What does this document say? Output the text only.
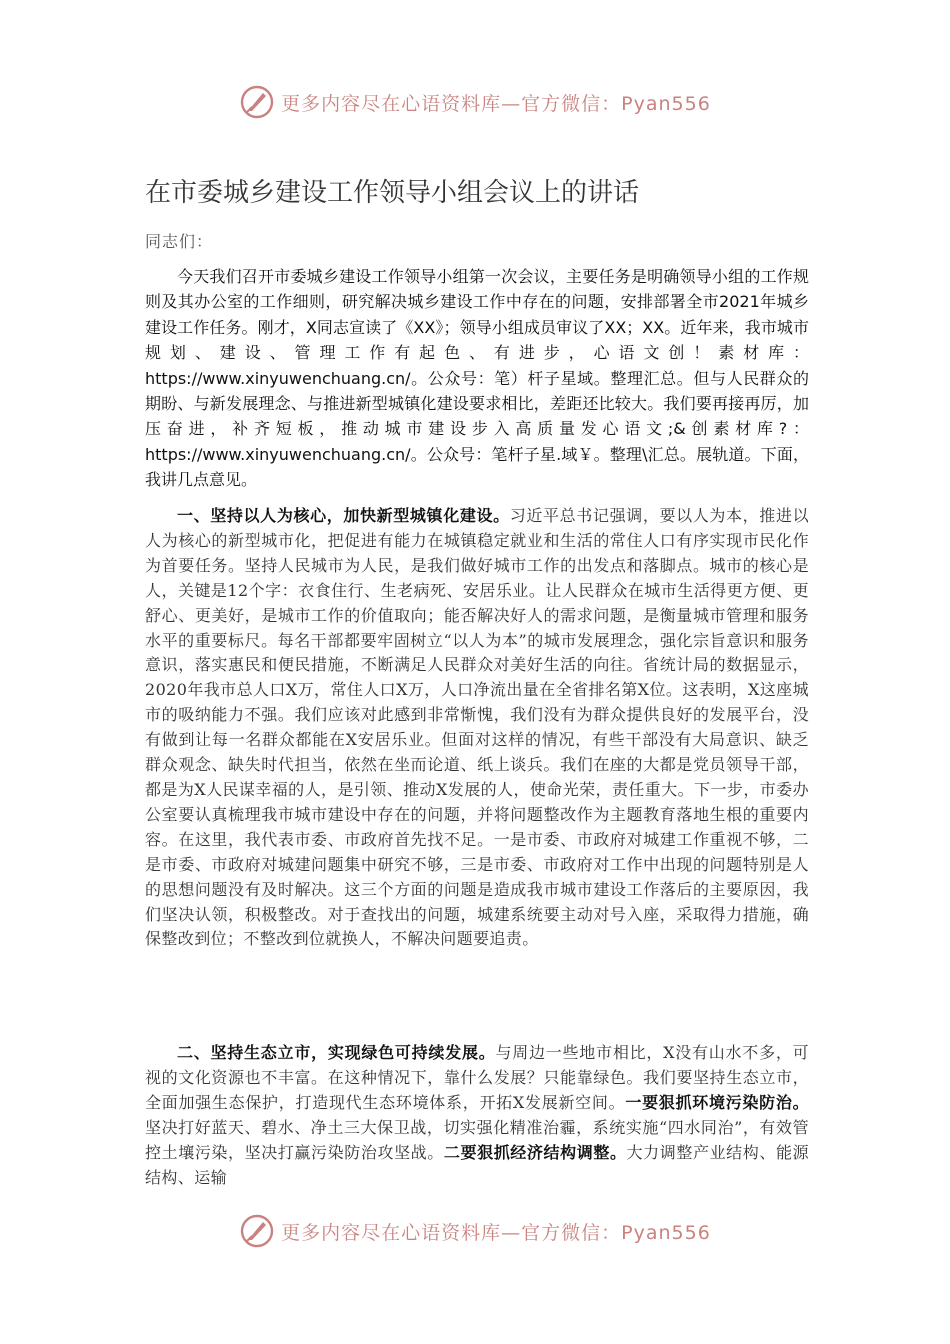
更多内容尽在心语资料库—官方微信：Pyan556
在市委城乡建设工作领导小组会议上的讲话

同志们：

今天我们召开市委城乡建设工作领导小组第一次会议，主要任务是明确领导小组的工作规则及其办公室的工作细则，研究解决城乡建设工作中存在的问题，安排部署全市2021年城乡建设工作任务。刚才，X同志宣读了《XX》；领导小组成员审议了XX；XX。近年来，我市城市规划、建设、管理工作有起色、有进步，心语文创！素材库：https://www.xinyuwenchuang.cn/。公众号：笔）杆子星域。整理汇总。但与人民群众的期盼、与新发展理念、与推进新型城镇化建设要求相比，差距还比较大。我们要再接再厉，加压奋进，补齐短板，推动城市建设步入高质量发心语文;&创素材库?：https://www.xinyuwenchuang.cn/。公众号：笔杆子星.域￥。整理\汇总。展轨道。下面，我讲几点意见。

一、坚持以人为核心，加快新型城镇化建设。习近平总书记强调，要以人为本，推进以人为核心的新型城市化，把促进有能力在城镇稳定就业和生活的常住人口有序实现市民化作为首要任务。坚持人民城市为人民，是我们做好城市工作的出发点和落脚点。城市的核心是人，关键是12个字：衣食住行、生老病死、安居乐业。让人民群众在城市生活得更方便、更舒心、更美好，是城市工作的价值取向；能否解决好人的需求问题，是衡量城市管理和服务水平的重要标尺。每名干部都要牢固树立“以人为本”的城市发展理念，强化宗旨意识和服务意识，落实惠民和便民措施，不断满足人民群众对美好生活的向往。省统计局的数据显示，2020年我市总人口X万，常住人口X万，人口净流出量在全省排名第X位。这表明，X这座城市的吸纳能力不强。我们应该对此感到非常惭愧，我们没有为群众提供良好的发展平台，没有做到让每一名群众都能在X安居乐业。但面对这样的情况，有些干部没有大局意识、缺乏群众观念、缺失时代担当，依然在坐而论道、纸上谈兵。我们在座的大都是党员领导干部，都是为X人民谋幸福的人，是引领、推动X发展的人，使命光荣，责任重大。下一步，市委办公室要认真梳理我市城市建设中存在的问题，并将问题整改作为主题教育落地生根的重要内容。在这里，我代表市委、市政府首先找不足。一是市委、市政府对城建工作重视不够，二是市委、市政府对城建问题集中研究不够，三是市委、市政府对工作中出现的问题特别是人的思想问题没有及时解决。这三个方面的问题是造成我市城市建设工作落后的主要原因，我们坚决认领，积极整改。对于查找出的问题，城建系统要主动对号入座，采取得力措施，确保整改到位；不整改到位就换人，不解决问题要追责。

二、坚持生态立市，实现绿色可持续发展。与周边一些地市相比，X没有山水不多，可视的文化资源也不丰富。在这种情况下，靠什么发展？只能靠绿色。我们要坚持生态立市，全面加强生态保护，打造现代生态环境体系，开拓X发展新空间。一要狠抓环境污染防治。坚决打好蓝天、碧水、净土三大保卫战，切实强化精准治霾，系统实施“四水同治”，有效管控土壤污染，坚决打赢污染防治攻坚战。二要狠抓经济结构调整。大力调整产业结构、能源结构、运输

更多内容尽在心语资料库—官方微信：Pyan556
